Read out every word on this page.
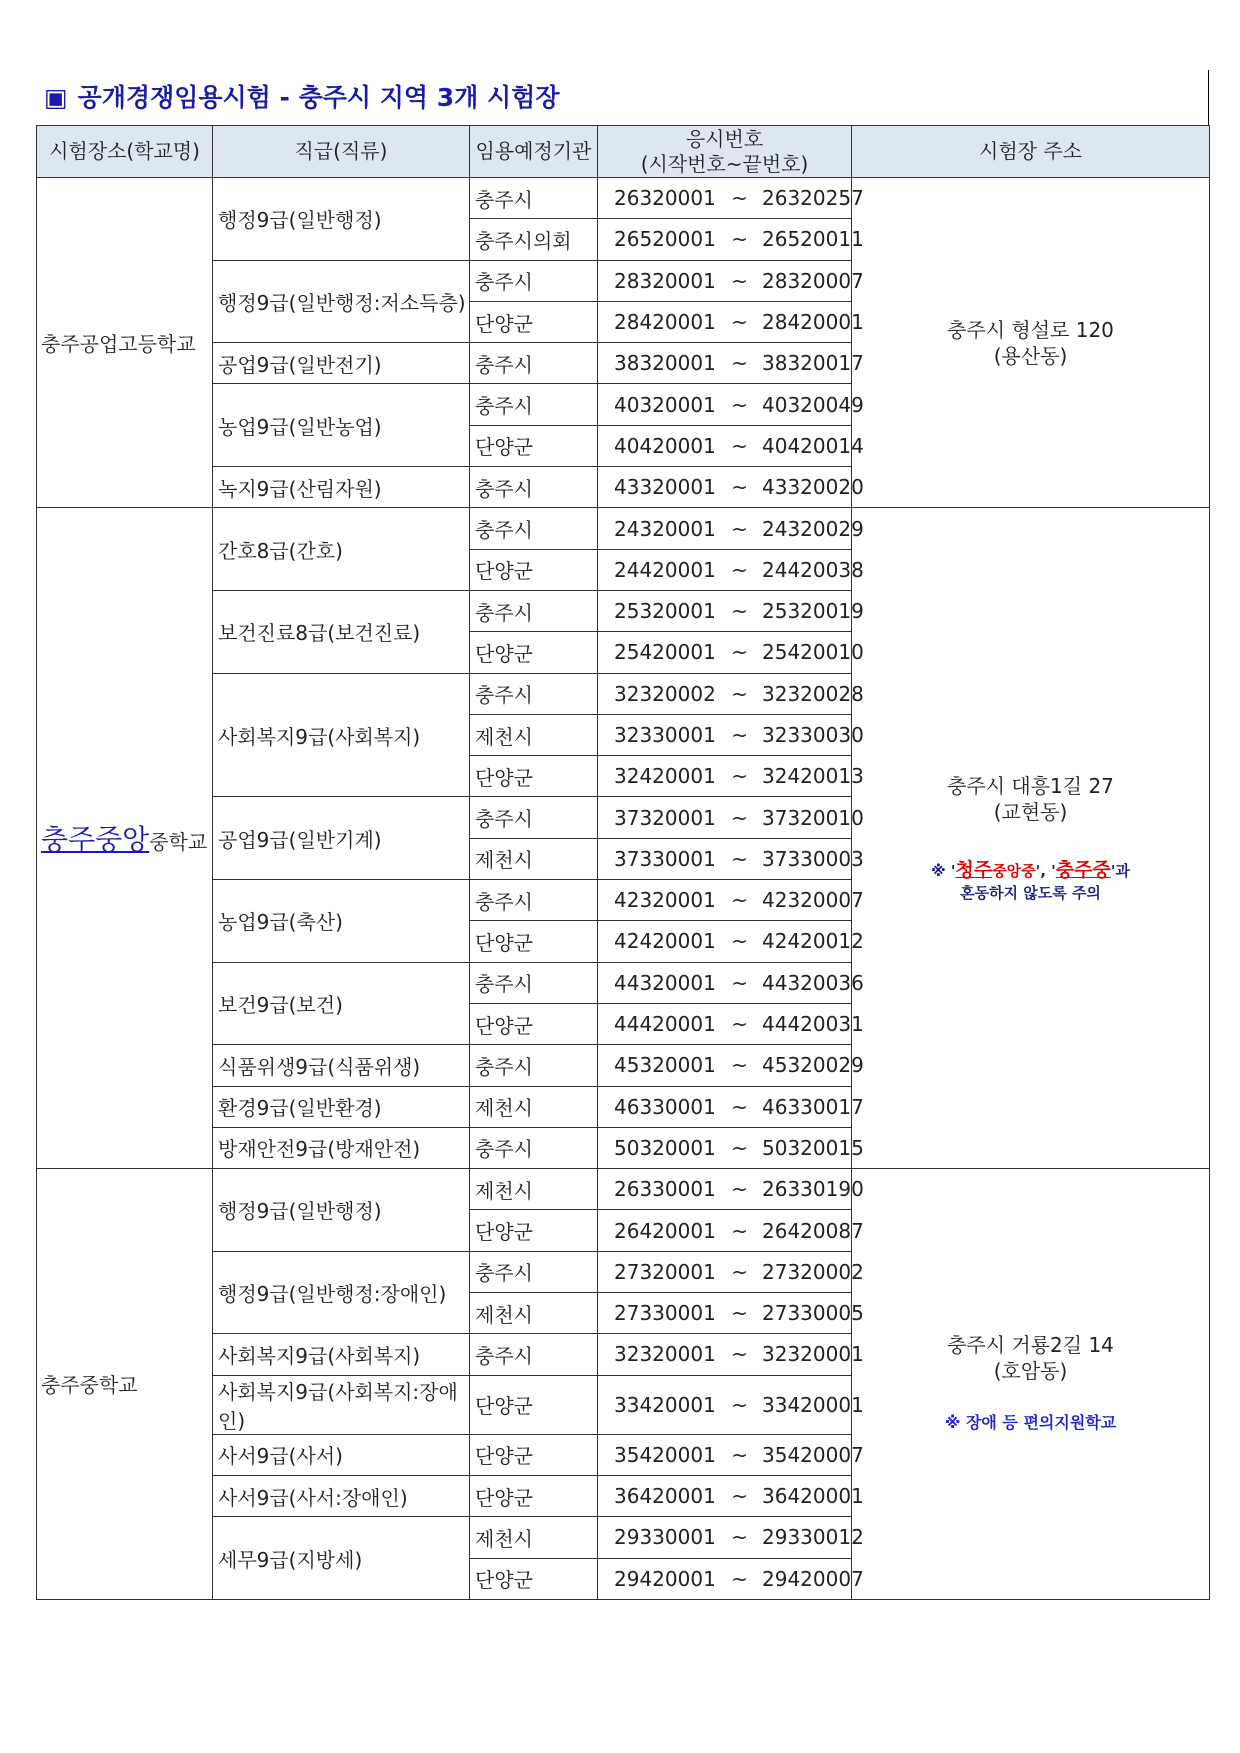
▣ 공개경쟁임용시험 - 충주시 지역 3개 시험장
시험장소(학교명)	직급(직류)	임용예정기관	응시번호
(시작번호~끝번호)	시험장 주소
충주공업고등학교	행정9급(일반행정)	충주시	26320001 ~ 26320257	충주시 형설로 120
(용산동)

		충주시의회	26520001 ~ 26520011	
	행정9급(일반행정:저소득층)	충주시	28320001 ~ 28320007	
		단양군	28420001 ~ 28420001	
	공업9급(일반전기)	충주시	38320001 ~ 38320017	
	농업9급(일반농업)	충주시	40320001 ~ 40320049	
		단양군	40420001 ~ 40420014	
	녹지9급(산림자원)	충주시	43320001 ~ 43320020	
충주중앙중학교	간호8급(간호)	충주시	24320001 ~ 24320029	충주시 대흥1길 27
(교현동)
※ '청주중앙중', '충주중'과
혼동하지 않도록 주의

		단양군	24420001 ~ 24420038	
	보건진료8급(보건진료)	충주시	25320001 ~ 25320019	
		단양군	25420001 ~ 25420010	
	사회복지9급(사회복지)	충주시	32320002 ~ 32320028	
		제천시	32330001 ~ 32330030	
		단양군	32420001 ~ 32420013	
	공업9급(일반기계)	충주시	37320001 ~ 37320010	
		제천시	37330001 ~ 37330003	
	농업9급(축산)	충주시	42320001 ~ 42320007	
		단양군	42420001 ~ 42420012	
	보건9급(보건)	충주시	44320001 ~ 44320036	
		단양군	44420001 ~ 44420031	
	식품위생9급(식품위생)	충주시	45320001 ~ 45320029	
	환경9급(일반환경)	제천시	46330001 ~ 46330017	
	방재안전9급(방재안전)	충주시	50320001 ~ 50320015	
충주중학교	행정9급(일반행정)	제천시	26330001 ~ 26330190	충주시 거룡2길 14
(호암동)
※ 장애 등 편의지원학교

		단양군	26420001 ~ 26420087	
	행정9급(일반행정:장애인)	충주시	27320001 ~ 27320002	
		제천시	27330001 ~ 27330005	
	사회복지9급(사회복지)	충주시	32320001 ~ 32320001	
	사회복지9급(사회복지:장애인)	단양군	33420001 ~ 33420001	
	사서9급(사서)	단양군	35420001 ~ 35420007	
	사서9급(사서:장애인)	단양군	36420001 ~ 36420001	
	세무9급(지방세)	제천시	29330001 ~ 29330012	
		단양군	29420001 ~ 29420007	
